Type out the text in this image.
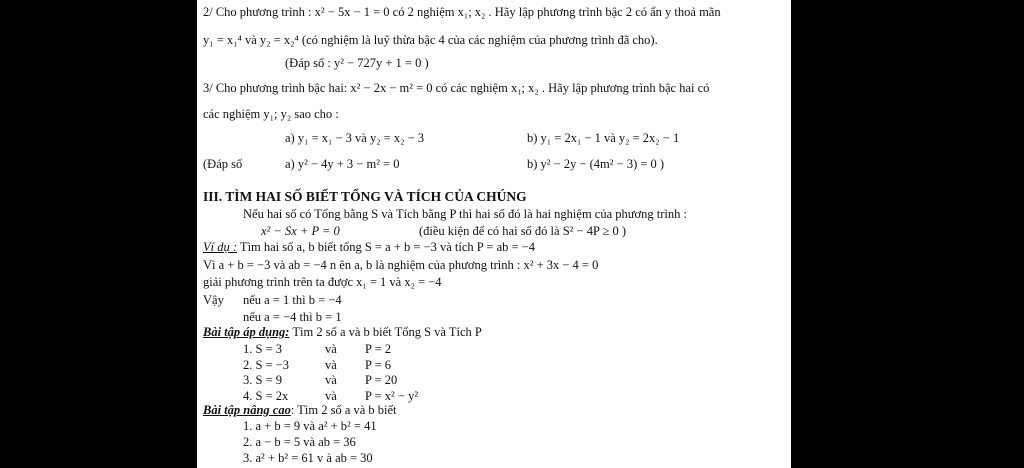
2/ Cho phương trình : x² − 5x − 1 = 0 có 2 nghiệm x₁; x₂ . Hãy lập phương trình bậc 2 có ẩn y thoả mãn
y₁ = x₁⁴ và y₂ = x₂⁴ (có nghiệm là luỹ thừa bậc 4 của các nghiệm của phương trình đã cho).
(Đáp số : y² − 727y + 1 = 0 )
3/ Cho phương trình bậc hai: x² − 2x − m² = 0 có các nghiệm x₁; x₂ . Hãy lập phương trình bậc hai có
các nghiệm y₁; y₂ sao cho :
a) y₁ = x₁ − 3 và y₂ = x₂ − 3	b) y₁ = 2x₁ − 1 và y₂ = 2x₂ − 1
(Đáp số	a) y² − 4y + 3 − m² = 0	b) y² − 2y − (4m² − 3) = 0 )
III. TÌM HAI SỐ BIẾT TỔNG VÀ TÍCH CỦA CHÚNG
Nếu hai số có Tổng bằng S và Tích bằng P thì hai số đó là hai nghiệm của phương trình :
x² − Sx + P = 0	(điều kiện để có hai số đó là S² − 4P ≥ 0 )
Ví dụ : Tìm hai số a, b biết tổng S = a + b = −3 và tích P = ab = −4
Vì a + b = −3 và ab = −4 n ên a, b là nghiệm của phương trình : x² + 3x − 4 = 0
giải phương trình trên ta được x₁ = 1 và x₂ = −4
Vậy nếu a = 1 thì b = −4
nếu a = −4 thì b = 1
Bài tập áp dụng: Tìm 2 số a và b biết Tổng S và Tích P
1. S = 3	và P = 2
2. S = −3	và P = 6
3. S = 9	và P = 20
4. S = 2x	và P = x² − y²
Bài tập nâng cao: Tìm 2 số a và b biết
1. a + b = 9 và a² + b² = 41
2. a − b = 5 và ab = 36
3. a² + b² = 61 v à ab = 30
